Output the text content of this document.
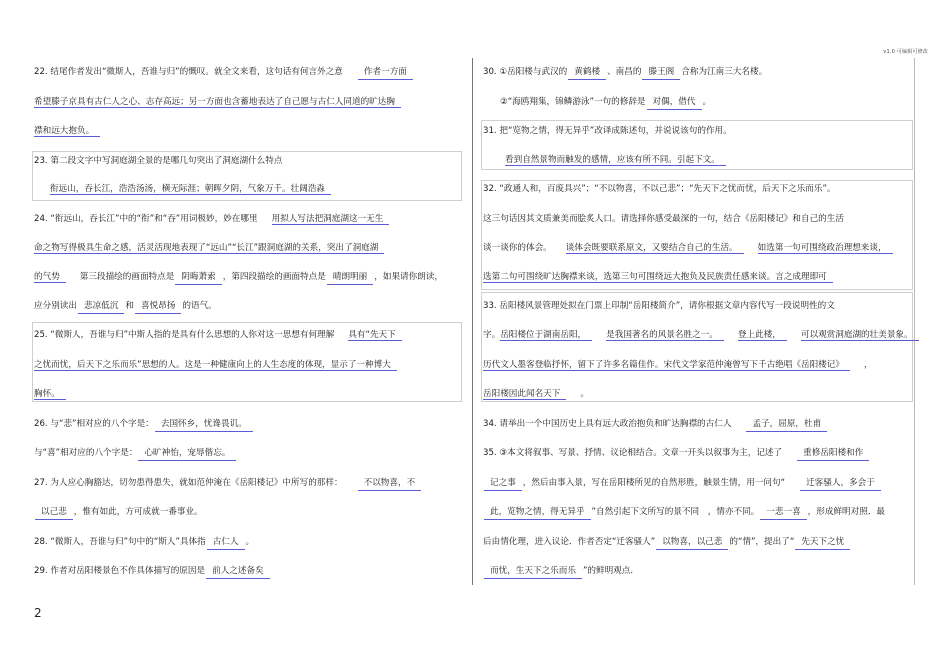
v1.0 可编辑可修改
22. 结尾作者发出“微斯人，吾谁与归”的慨叹。就全文来看，这句话有何言外之意 作者一方面
希望滕子京具有古仁人之心、志存高远；另一方面也含蓄地表达了自己愿与古仁人同道的旷达胸
襟和远大抱负。
23. 第二段文字中写洞庭湖全景的是哪几句突出了洞庭湖什么特点
衔远山，吞长江，浩浩汤汤，横无际涯；朝晖夕阴，气象万千。壮阔浩淼
24. “衔远山，吞长江”中的“衔”和“吞”用词极妙，妙在哪里 用拟人写法把洞庭湖这一无生
命之物写得极具生命之感，活灵活现地表现了“远山”“长江”跟洞庭湖的关系，突出了洞庭湖
的气势 第三段描绘的画面特点是 阴晦萧索 ，第四段描绘的画面特点是 晴朗明丽 ，如果请你朗读，
应分别读出 悲凉低沉 和 喜悦昂扬 的语气。
25. “微斯人，吾谁与归”中斯人指的是具有什么思想的人你对这一思想有何理解 具有“先天下
之忧而忧，后天下之乐而乐”思想的人。这是一种健康向上的人生态度的体现，显示了一种博大
胸怀。
26. 与“悲”相对应的八个字是： 去国怀乡，忧谗畏讥。
与“喜”相对应的八个字是： 心旷神怡，宠辱偕忘。
27. 为人应心胸豁达，切勿患得患失，就如范仲淹在《岳阳楼记》中所写的那样： 不以物喜，不
以己悲 ，惟有如此，方可成就一番事业。
28. “微斯人，吾谁与归”句中的“斯人”具体指 古仁人 。
29. 作者对岳阳楼景色不作具体描写的原因是 前人之述备矣
30. ①岳阳楼与武汉的 黄鹤楼 、南昌的 滕王阁 合称为江南三大名楼。
②“海鸥翔集，锦鳞游泳”一句的修辞是 对偶，借代 。
31. 把“览物之情，得无异乎”改译成陈述句，并说说该句的作用。
看到自然景物而触发的感情，应该有所不同。引起下文。
32. “政通人和，百废具兴”；“不以物喜，不以己悲”；“先天下之忧而忧，后天下之乐而乐”。
这三句话因其文质兼美而脍炙人口。请选择你感受最深的一句，结合《岳阳楼记》和自己的生活
谈一谈你的体会。 谈体会既要联系原文，又要结合自己的生活。 如选第一句可围绕政治理想来谈，
选第二句可围绕旷达胸襟来谈，选第三句可围绕远大抱负及民族责任感来谈。言之成理即可
33. 岳阳楼风景管理处拟在门票上印制“岳阳楼简介”，请你根据文章内容代写一段说明性的文
字。岳阳楼位于湖南岳阳， 是我国著名的风景名胜之一。 登上此楼， 可以观赏洞庭湖的壮美景象。
历代文人墨客登临抒怀，留下了许多名篇佳作。宋代文学家范仲淹曾写下千古绝唱《岳阳楼记》 ，
岳阳楼因此闻名天下 。
34. 请举出一个中国历史上具有远大政治抱负和旷达胸襟的古仁人 孟子，屈原，杜甫
35. ③本文将叙事、写景、抒情、议论相结合。文章一开头以叙事为主，记述了 重修岳阳楼和作
记之事 ，然后由事入景，写在岳阳楼所见的自然形胜，触景生情，用一问句“ 迁客骚人，多会于
此，览物之情，得无异乎 ”自然引起下文所写的景不同　，情亦不同。 一悲一喜 ，形成鲜明对照．最
后由情化理，进入议论．作者否定“迁客骚人” 以物喜，以己悲 的“情”，提出了“ 先天下之忧
而忧，生天下之乐而乐 ”的鲜明观点．
2
